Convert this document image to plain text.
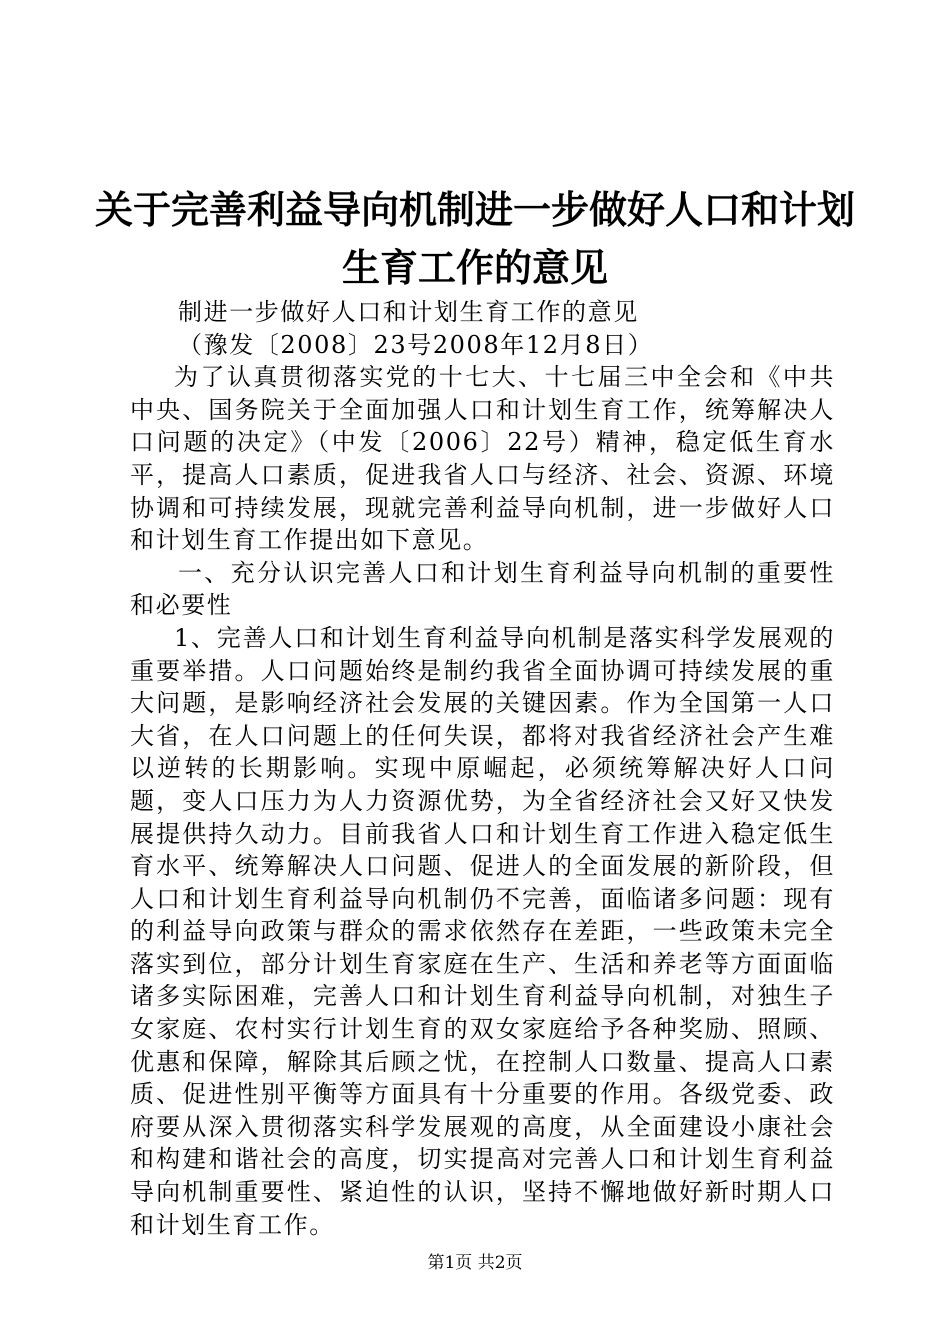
关于完善利益导向机制进一步做好人口和计划
生育工作的意见

制进一步做好人口和计划生育工作的意见

（豫发〔2008〕23号2008年12月8日）

为了认真贯彻落实党的十七大、十七届三中全会和《中共中央、国务院关于全面加强人口和计划生育工作，统筹解决人口问题的决定》（中发〔2006〕22号）精神，稳定低生育水平，提高人口素质，促进我省人口与经济、社会、资源、环境协调和可持续发展，现就完善利益导向机制，进一步做好人口和计划生育工作提出如下意见。

一、充分认识完善人口和计划生育利益导向机制的重要性和必要性

1、完善人口和计划生育利益导向机制是落实科学发展观的重要举措。人口问题始终是制约我省全面协调可持续发展的重大问题，是影响经济社会发展的关键因素。作为全国第一人口大省，在人口问题上的任何失误，都将对我省经济社会产生难以逆转的长期影响。实现中原崛起，必须统筹解决好人口问题，变人口压力为人力资源优势，为全省经济社会又好又快发展提供持久动力。目前我省人口和计划生育工作进入稳定低生育水平、统筹解决人口问题、促进人的全面发展的新阶段，但人口和计划生育利益导向机制仍不完善，面临诸多问题：现有的利益导向政策与群众的需求依然存在差距，一些政策未完全落实到位，部分计划生育家庭在生产、生活和养老等方面面临诸多实际困难，完善人口和计划生育利益导向机制，对独生子女家庭、农村实行计划生育的双女家庭给予各种奖励、照顾、优惠和保障，解除其后顾之忧，在控制人口数量、提高人口素质、促进性别平衡等方面具有十分重要的作用。各级党委、政府要从深入贯彻落实科学发展观的高度，从全面建设小康社会和构建和谐社会的高度，切实提高对完善人口和计划生育利益导向机制重要性、紧迫性的认识，坚持不懈地做好新时期人口和计划生育工作。

第1页 共2页
